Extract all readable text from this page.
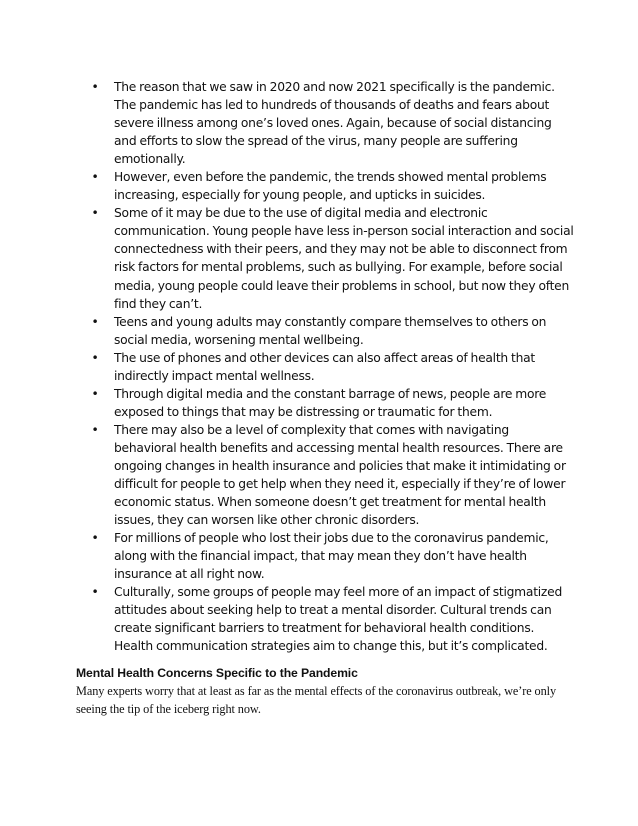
• The reason that we saw in 2020 and now 2021 specifically is the pandemic. The pandemic has led to hundreds of thousands of deaths and fears about severe illness among one’s loved ones. Again, because of social distancing and efforts to slow the spread of the virus, many people are suffering emotionally.
• However, even before the pandemic, the trends showed mental problems increasing, especially for young people, and upticks in suicides.
• Some of it may be due to the use of digital media and electronic communication. Young people have less in-person social interaction and social connectedness with their peers, and they may not be able to disconnect from risk factors for mental problems, such as bullying. For example, before social media, young people could leave their problems in school, but now they often find they can’t.
• Teens and young adults may constantly compare themselves to others on social media, worsening mental wellbeing.
• The use of phones and other devices can also affect areas of health that indirectly impact mental wellness.
• Through digital media and the constant barrage of news, people are more exposed to things that may be distressing or traumatic for them.
• There may also be a level of complexity that comes with navigating behavioral health benefits and accessing mental health resources. There are ongoing changes in health insurance and policies that make it intimidating or difficult for people to get help when they need it, especially if they’re of lower economic status. When someone doesn’t get treatment for mental health issues, they can worsen like other chronic disorders.
• For millions of people who lost their jobs due to the coronavirus pandemic, along with the financial impact, that may mean they don’t have health insurance at all right now.
• Culturally, some groups of people may feel more of an impact of stigmatized attitudes about seeking help to treat a mental disorder. Cultural trends can create significant barriers to treatment for behavioral health conditions. Health communication strategies aim to change this, but it’s complicated.
Mental Health Concerns Specific to the Pandemic

Many experts worry that at least as far as the mental effects of the coronavirus outbreak, we’re only seeing the tip of the iceberg right now.
